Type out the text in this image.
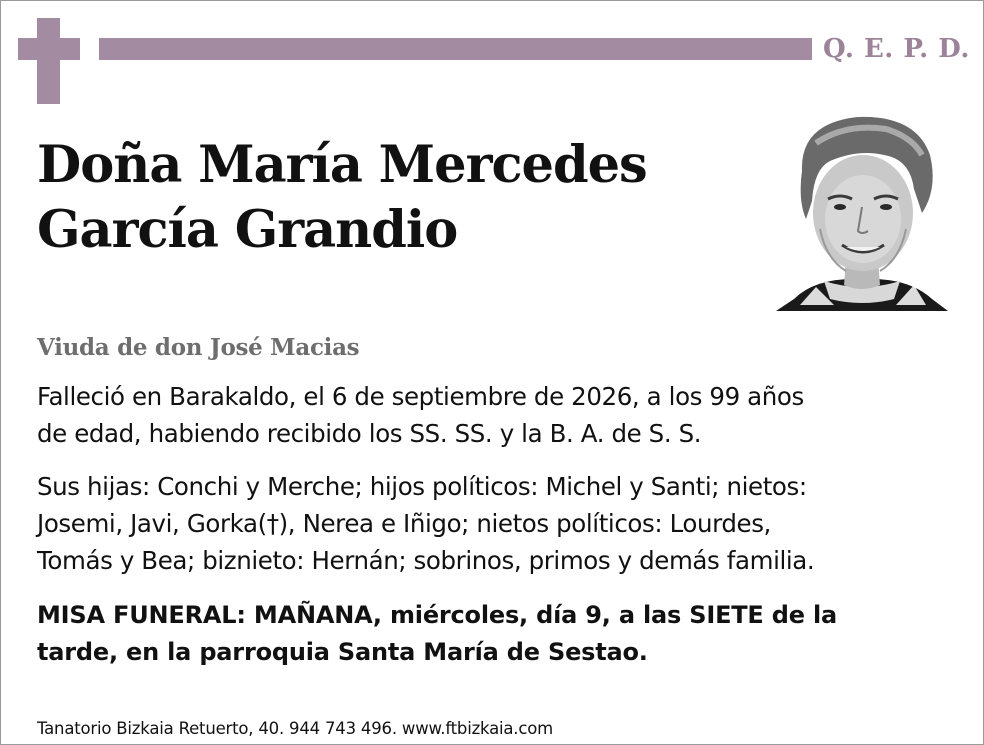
Q. E. P. D.
Doña María Mercedes
García Grandio
Viuda de don José Macias
Falleció en Barakaldo, el 6 de septiembre de 2026, a los 99 años
de edad, habiendo recibido los SS. SS. y la B. A. de S. S.
Sus hijas: Conchi y Merche; hijos políticos: Michel y Santi; nietos:
Josemi, Javi, Gorka(†), Nerea e Iñigo; nietos políticos: Lourdes,
Tomás y Bea; biznieto: Hernán; sobrinos, primos y demás familia.
MISA FUNERAL: MAÑANA, miércoles, día 9, a las SIETE de la
tarde, en la parroquia Santa María de Sestao.
Tanatorio Bizkaia Retuerto, 40. 944 743 496. www.ftbizkaia.com
